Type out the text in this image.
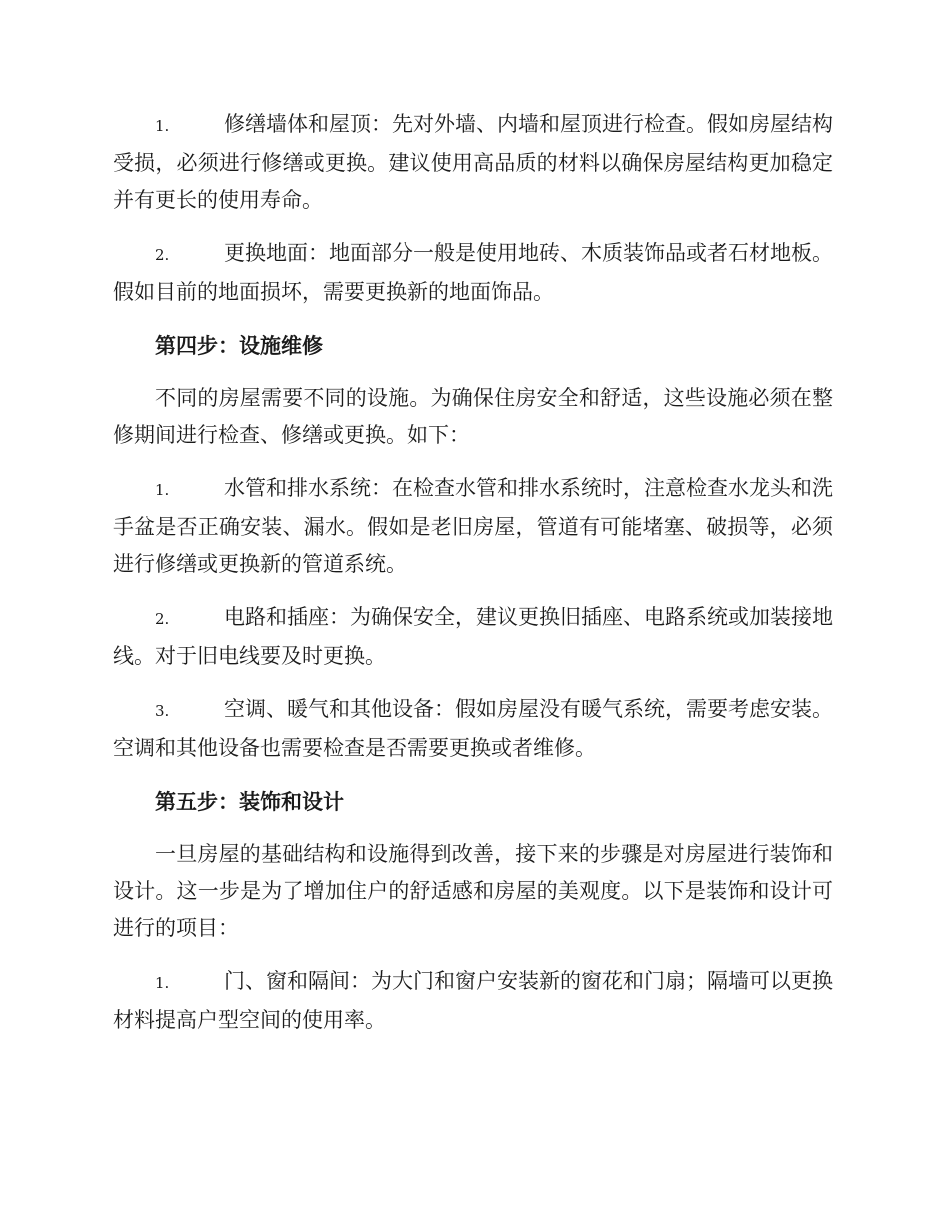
1.	修缮墙体和屋顶：先对外墙、内墙和屋顶进行检查。假如房屋结构受损，必须进行修缮或更换。建议使用高品质的材料以确保房屋结构更加稳定并有更长的使用寿命。
2.	更换地面：地面部分一般是使用地砖、木质装饰品或者石材地板。假如目前的地面损坏，需要更换新的地面饰品。
第四步：设施维修
不同的房屋需要不同的设施。为确保住房安全和舒适，这些设施必须在整修期间进行检查、修缮或更换。如下：
1.	水管和排水系统：在检查水管和排水系统时，注意检查水龙头和洗手盆是否正确安装、漏水。假如是老旧房屋，管道有可能堵塞、破损等，必须进行修缮或更换新的管道系统。
2.	电路和插座：为确保安全，建议更换旧插座、电路系统或加装接地线。对于旧电线要及时更换。
3.	空调、暖气和其他设备：假如房屋没有暖气系统，需要考虑安装。空调和其他设备也需要检查是否需要更换或者维修。
第五步：装饰和设计
一旦房屋的基础结构和设施得到改善，接下来的步骤是对房屋进行装饰和设计。这一步是为了增加住户的舒适感和房屋的美观度。以下是装饰和设计可进行的项目：
1.	门、窗和隔间：为大门和窗户安装新的窗花和门扇；隔墙可以更换材料提高户型空间的使用率。
